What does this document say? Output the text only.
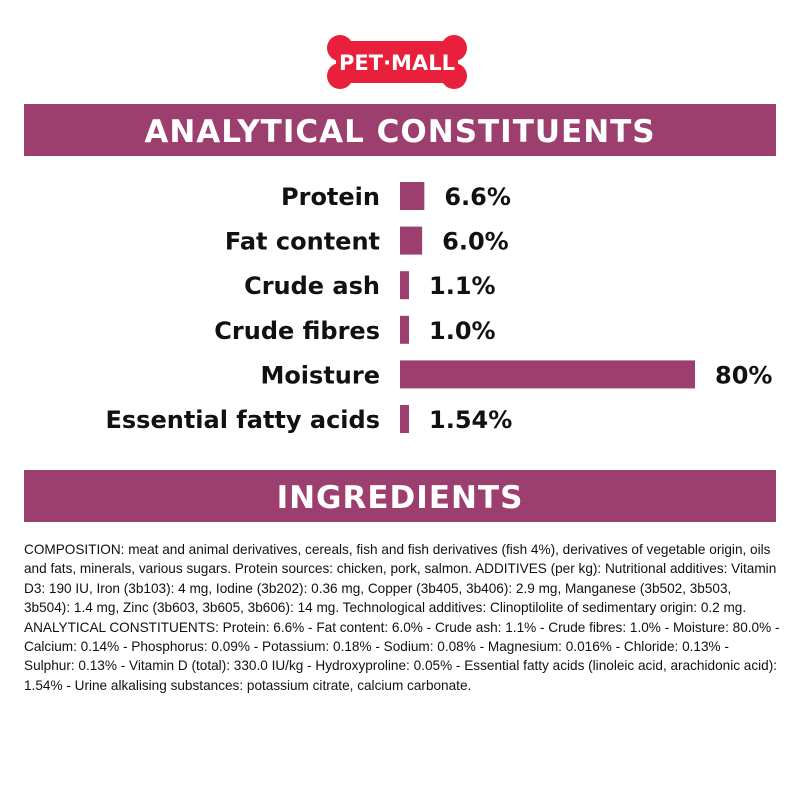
PET·MALL
ANALYTICAL CONSTITUENTS
Protein	6.6%
Fat content	6.0%
Crude ash 1.1%
Crude fibres 1.0%
Moisture	80%
Essential fatty acids 1.54%
INGREDIENTS
COMPOSITION: meat and animal derivatives, cereals, fish and fish derivatives (fish 4%), derivatives of vegetable origin, oils and fats, minerals, various sugars. Protein sources: chicken, pork, salmon. ADDITIVES (per kg): Nutritional additives: Vitamin D3: 190 IU, Iron (3b103): 4 mg, Iodine (3b202): 0.36 mg, Copper (3b405, 3b406): 2.9 mg, Manganese (3b502, 3b503, 3b504): 1.4 mg, Zinc (3b603, 3b605, 3b606): 14 mg. Technological additives: Clinoptilolite of sedimentary origin: 0.2 mg. ANALYTICAL CONSTITUENTS: Protein: 6.6% - Fat content: 6.0% - Crude ash: 1.1% - Crude fibres: 1.0% - Moisture: 80.0% - Calcium: 0.14% - Phosphorus: 0.09% - Potassium: 0.18% - Sodium: 0.08% - Magnesium: 0.016% - Chloride: 0.13% - Sulphur: 0.13% - Vitamin D (total): 330.0 IU/kg - Hydroxyproline: 0.05% - Essential fatty acids (linoleic acid, arachidonic acid): 1.54% - Urine alkalising substances: potassium citrate, calcium carbonate.
